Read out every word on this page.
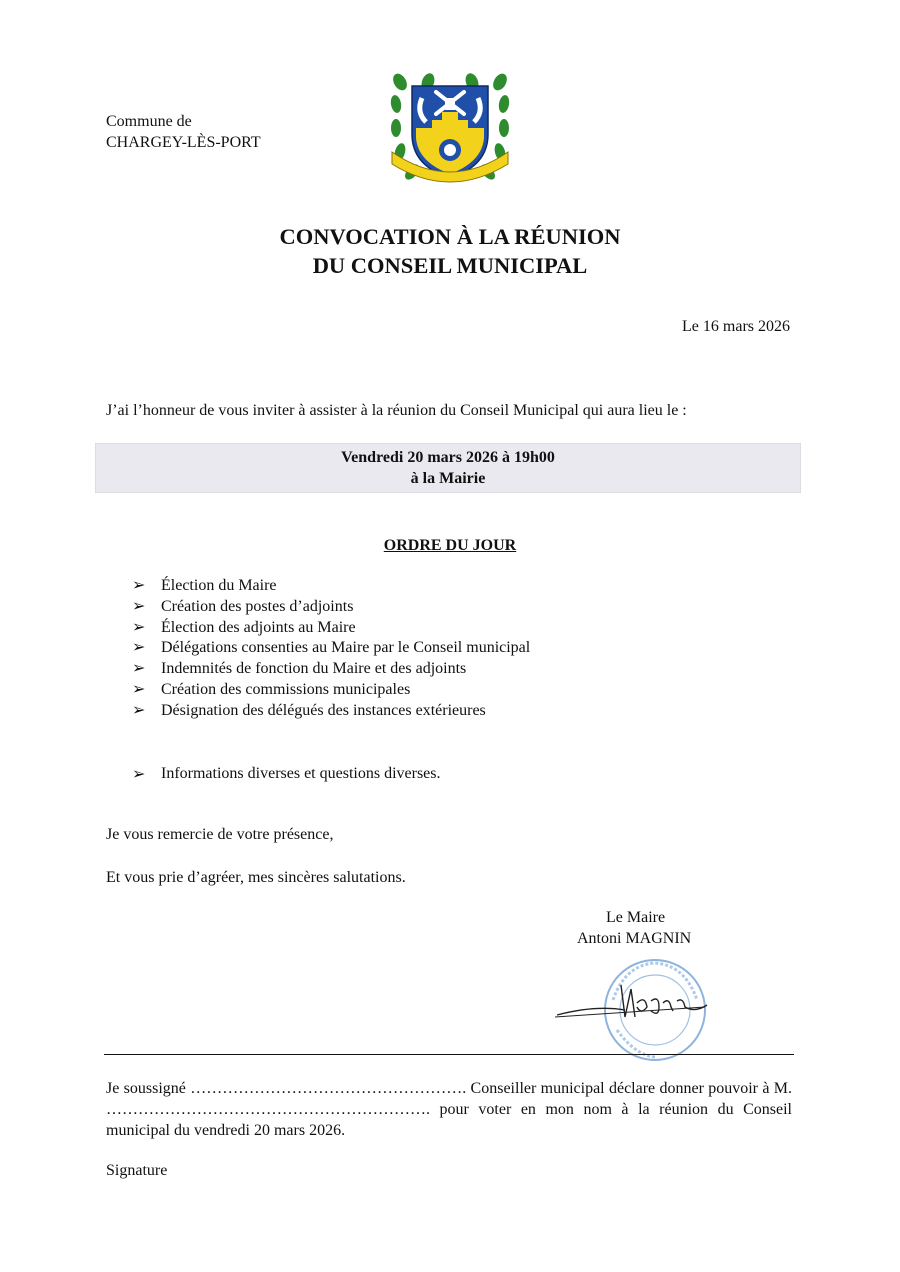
Commune de
CHARGEY-LÈS-PORT
CONVOCATION À LA RÉUNION
DU CONSEIL MUNICIPAL
Le 16 mars 2026
J’ai l’honneur de vous inviter à assister à la réunion du Conseil Municipal qui aura lieu le :
Vendredi 20 mars 2026 à 19h00
à la Mairie
ORDRE DU JOUR
➢ Élection du Maire
➢ Création des postes d’adjoints
➢ Élection des adjoints au Maire
➢ Délégations consenties au Maire par le Conseil municipal
➢ Indemnités de fonction du Maire et des adjoints
➢ Création des commissions municipales
➢ Désignation des délégués des instances extérieures
➢ Informations diverses et questions diverses.
Je vous remercie de votre présence,
Et vous prie d’agréer, mes sincères salutations.
Le Maire
Antoni MAGNIN
Je soussigné ……………………………………………. Conseiller municipal déclare donner pouvoir à M. ……………………………………………………. pour voter en mon nom à la réunion du Conseil municipal du vendredi 20 mars 2026.
Signature
